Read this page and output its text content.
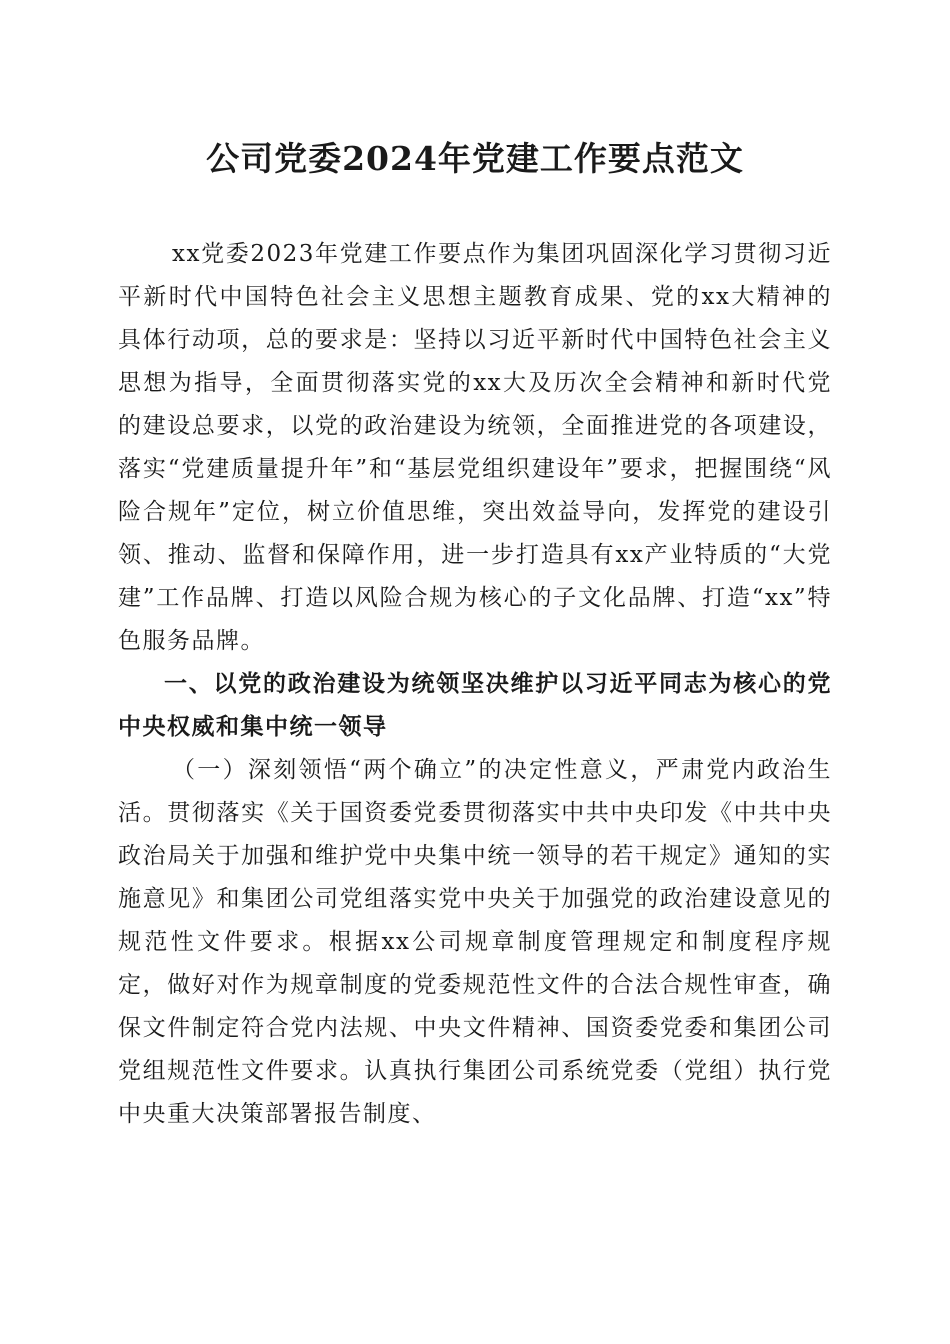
公司党委2024年党建工作要点范文

xx党委2023年党建工作要点作为集团巩固深化学习贯彻习近平新时代中国特色社会主义思想主题教育成果、党的xx大精神的具体行动项，总的要求是：坚持以习近平新时代中国特色社会主义思想为指导，全面贯彻落实党的xx大及历次全会精神和新时代党的建设总要求，以党的政治建设为统领，全面推进党的各项建设，落实“党建质量提升年”和“基层党组织建设年”要求，把握围绕“风险合规年”定位，树立价值思维，突出效益导向，发挥党的建设引领、推动、监督和保障作用，进一步打造具有xx产业特质的“大党建”工作品牌、打造以风险合规为核心的子文化品牌、打造“xx”特色服务品牌。

一、以党的政治建设为统领坚决维护以习近平同志为核心的党中央权威和集中统一领导

（一）深刻领悟“两个确立”的决定性意义，严肃党内政治生活。贯彻落实《关于国资委党委贯彻落实中共中央印发《中共中央政治局关于加强和维护党中央集中统一领导的若干规定》通知的实施意见》和集团公司党组落实党中央关于加强党的政治建设意见的规范性文件要求。根据xx公司规章制度管理规定和制度程序规定，做好对作为规章制度的党委规范性文件的合法合规性审查，确保文件制定符合党内法规、中央文件精神、国资委党委和集团公司党组规范性文件要求。认真执行集团公司系统党委（党组）执行党中央重大决策部署报告制度、
